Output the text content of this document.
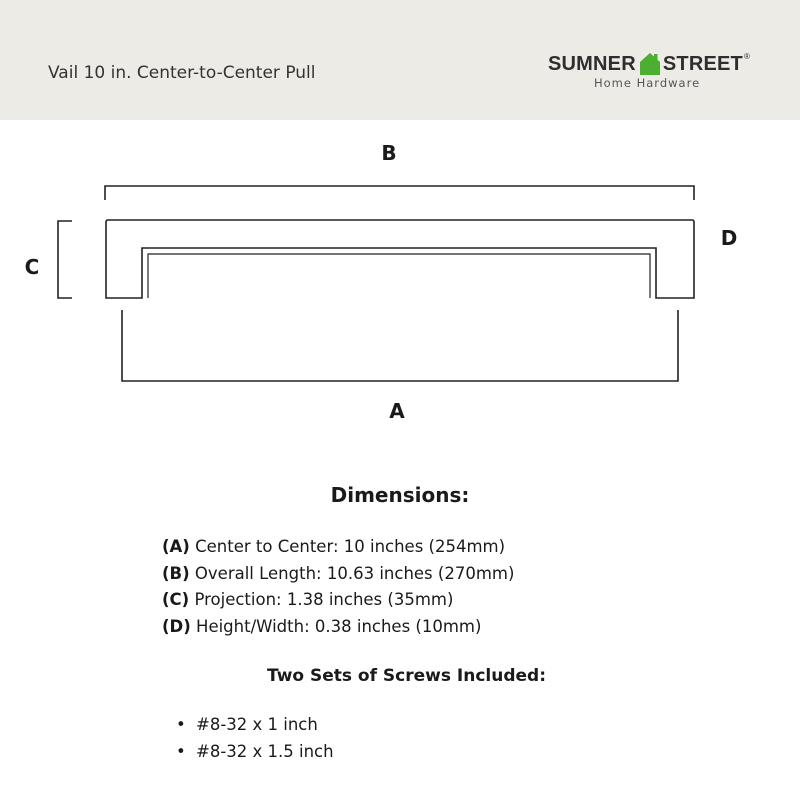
Vail 10 in. Center-to-Center Pull	SUMNER STREET ®
Home Hardware
B
C
D
A
Dimensions:
(A) Center to Center: 10 inches (254mm)
(B) Overall Length: 10.63 inches (270mm)
(C) Projection: 1.38 inches (35mm)
(D) Height/Width: 0.38 inches (10mm)
Two Sets of Screws Included:
• #8-32 x 1 inch
• #8-32 x 1.5 inch
